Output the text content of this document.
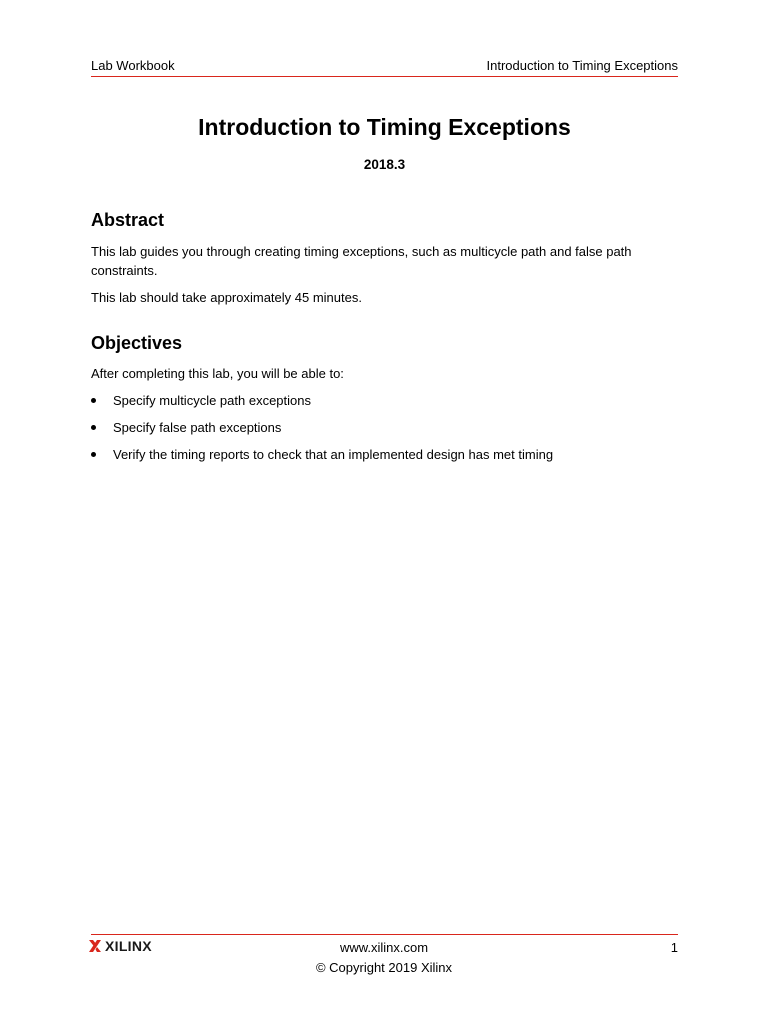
Lab Workbook	Introduction to Timing Exceptions
Introduction to Timing Exceptions
2018.3
Abstract
This lab guides you through creating timing exceptions, such as multicycle path and false path constraints.
This lab should take approximately 45 minutes.
Objectives
After completing this lab, you will be able to:
Specify multicycle path exceptions
Specify false path exceptions
Verify the timing reports to check that an implemented design has met timing
XILINX	www.xilinx.com	1
© Copyright 2019 Xilinx
